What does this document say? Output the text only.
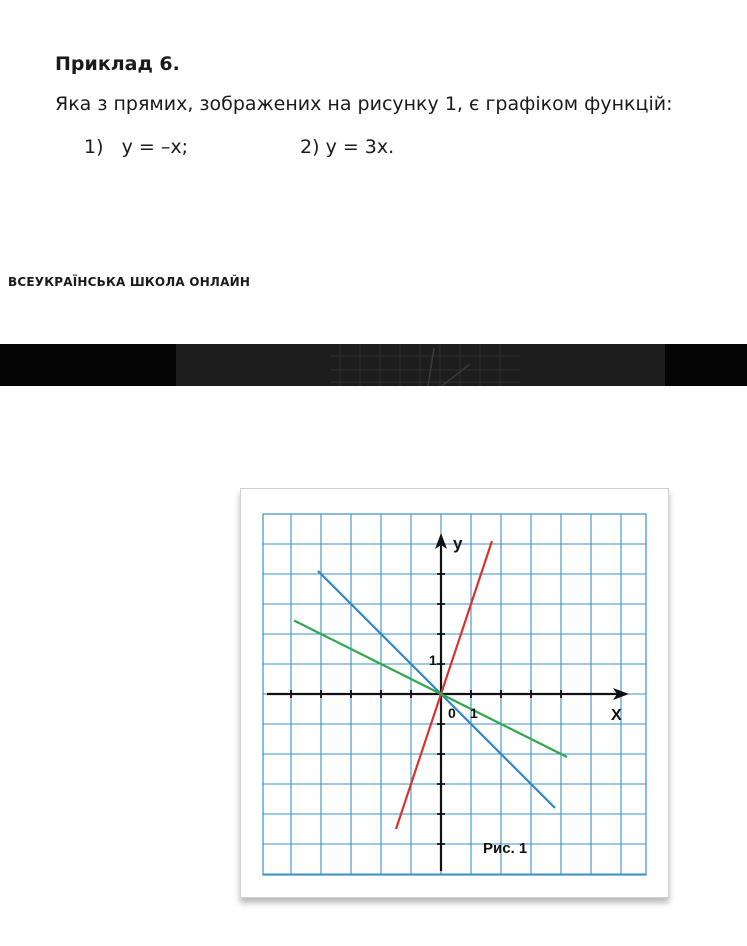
Приклад 6.
Яка з прямих, зображених на рисунку 1, є графіком функцій:
1) y = –x;	2) y = 3x.
ВСЕУКРАЇНСЬКА ШКОЛА ОНЛАЙН
y
X
0 1
1
Рис. 1
